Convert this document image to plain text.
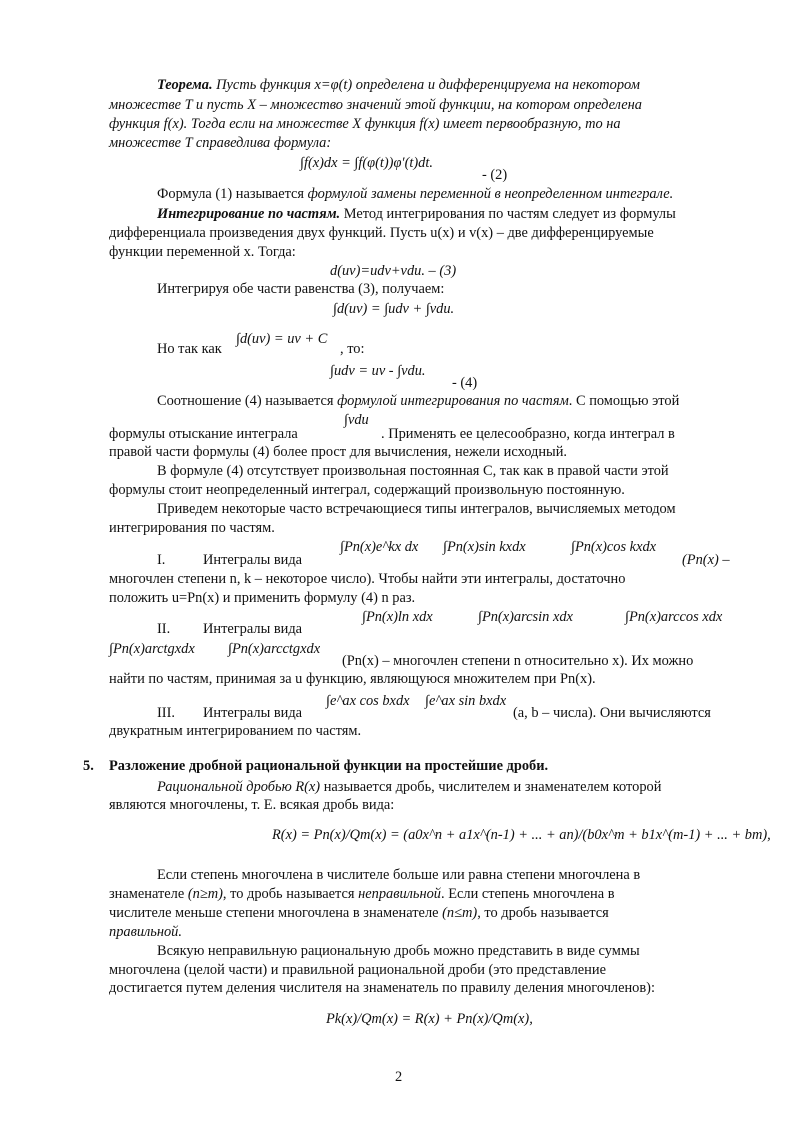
Теорема. Пусть функция x=φ(t) определена и дифференцируема на некотором
множестве T и пусть X – множество значений этой функции, на котором определена
функция f(x). Тогда если на множестве X функция f(x) имеет первообразную, то на
множестве T справедлива формула:
∫f(x)dx = ∫f(φ(t))φ′(t)dt.
- (2)
Формула (1) называется формулой замены переменной в неопределенном интеграле.
Интегрирование по частям. Метод интегрирования по частям следует из формулы
дифференциала произведения двух функций. Пусть u(x) и v(x) – две дифференцируемые
функции переменной x. Тогда:
d(uv)=udv+vdu. – (3)
Интегрируя обе части равенства (3), получаем:
∫d(uv) = ∫udv + ∫vdu.
Но так как
∫d(uv) = uv + C
, то:
∫udv = uv - ∫vdu.
- (4)
Соотношение (4) называется формулой интегрирования по частям. С помощью этой
формулы отыскание интеграла
∫vdu
. Применять ее целесообразно, когда интеграл в
правой части формулы (4) более прост для вычисления, нежели исходный.
В формуле (4) отсутствует произвольная постоянная C, так как в правой части этой
формулы стоит неопределенный интеграл, содержащий произвольную постоянную.
Приведем некоторые часто встречающиеся типы интегралов, вычисляемых методом
интегрирования по частям.
I.	Интегралы вида
∫Pn(x)e^kx dx ∫Pn(x)sin kxdx	∫Pn(x)cos kxdx
(Pn(x) –
многочлен степени n, k – некоторое число). Чтобы найти эти интегралы, достаточно
положить u=Pn(x) и применить формулу (4) n раз.
II. Интегралы вида
∫Pn(x)ln xdx	∫Pn(x)arcsin xdx	∫Pn(x)arccos xdx
∫Pn(x)arctgxdx ∫Pn(x)arcctgxdx
(Pn(x) – многочлен степени n относительно x). Их можно
найти по частям, принимая за u функцию, являющуюся множителем при Pn(x).
III. Интегралы вида
∫e^ax cos bxdx ∫e^ax sin bxdx
(a, b – числа). Они вычисляются
двукратным интегрированием по частям.
5. Разложение дробной рациональной функции на простейшие дроби.
Рациональной дробью R(x) называется дробь, числителем и знаменателем которой
являются многочлены, т. Е. всякая дробь вида:
R(x) = Pn(x)/Qm(x) = (a0x^n + a1x^(n-1) + ... + an)/(b0x^m + b1x^(m-1) + ... + bm),
Если степень многочлена в числителе больше или равна степени многочлена в
знаменателе (n≥m), то дробь называется неправильной. Если степень многочлена в
числителе меньше степени многочлена в знаменателе (n≤m), то дробь называется
правильной.
Всякую неправильную рациональную дробь можно представить в виде суммы
многочлена (целой части) и правильной рациональной дроби (это представление
достигается путем деления числителя на знаменатель по правилу деления многочленов):
Pk(x)/Qm(x) = R(x) + Pn(x)/Qm(x),
2
